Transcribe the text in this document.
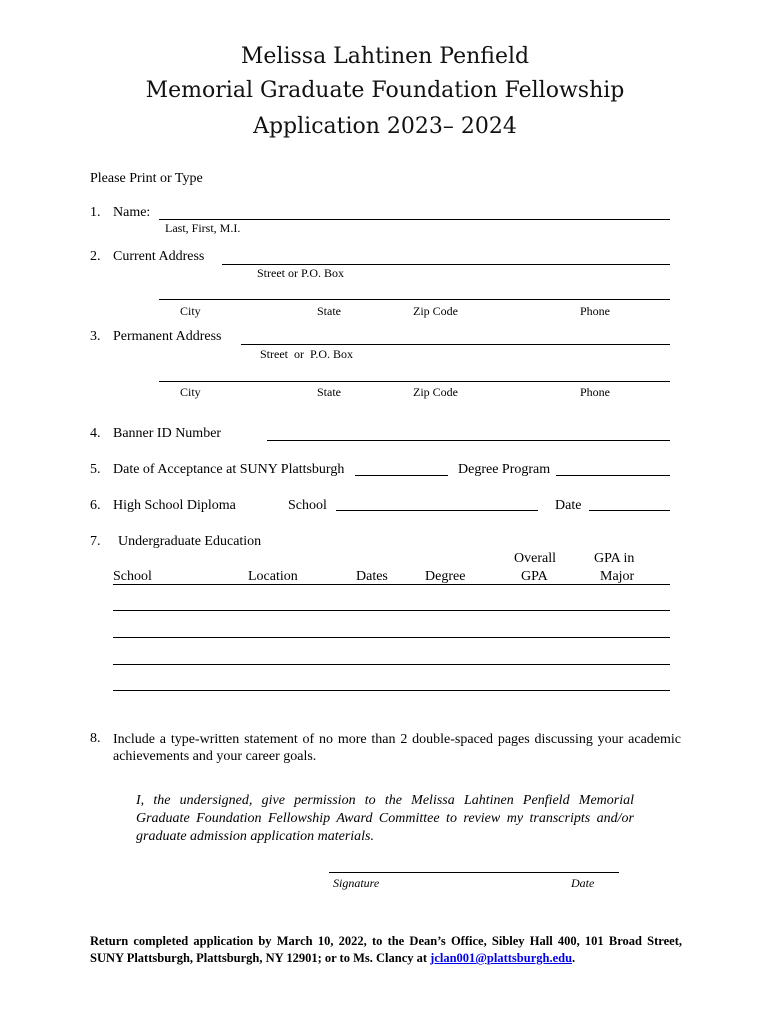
Melissa Lahtinen Penfield
Memorial Graduate Foundation Fellowship
Application 2023– 2024
Please Print or Type
1. Name:
Last, First, M.I.
2. Current Address
Street or P.O. Box
City	State	Zip Code	Phone
3. Permanent Address
Street  or  P.O. Box
City	State	Zip Code	Phone
4. Banner ID Number
5. Date of Acceptance at SUNY Plattsburgh	Degree Program
6. High School Diploma	School	Date
7. Undergraduate Education
Overall	GPA in
School	Location	Dates	Degree	GPA	Major
8. Include a type-written statement of no more than 2 double-spaced pages discussing your academic achievements and your career goals.
I, the undersigned, give permission to the Melissa Lahtinen Penfield Memorial Graduate Foundation Fellowship Award Committee to review my transcripts and/or graduate admission application materials.
Signature	Date
Return completed application by March 10, 2022, to the Dean’s Office, Sibley Hall 400, 101 Broad Street, SUNY Plattsburgh, Plattsburgh, NY 12901; or to Ms. Clancy at jclan001@plattsburgh.edu.
